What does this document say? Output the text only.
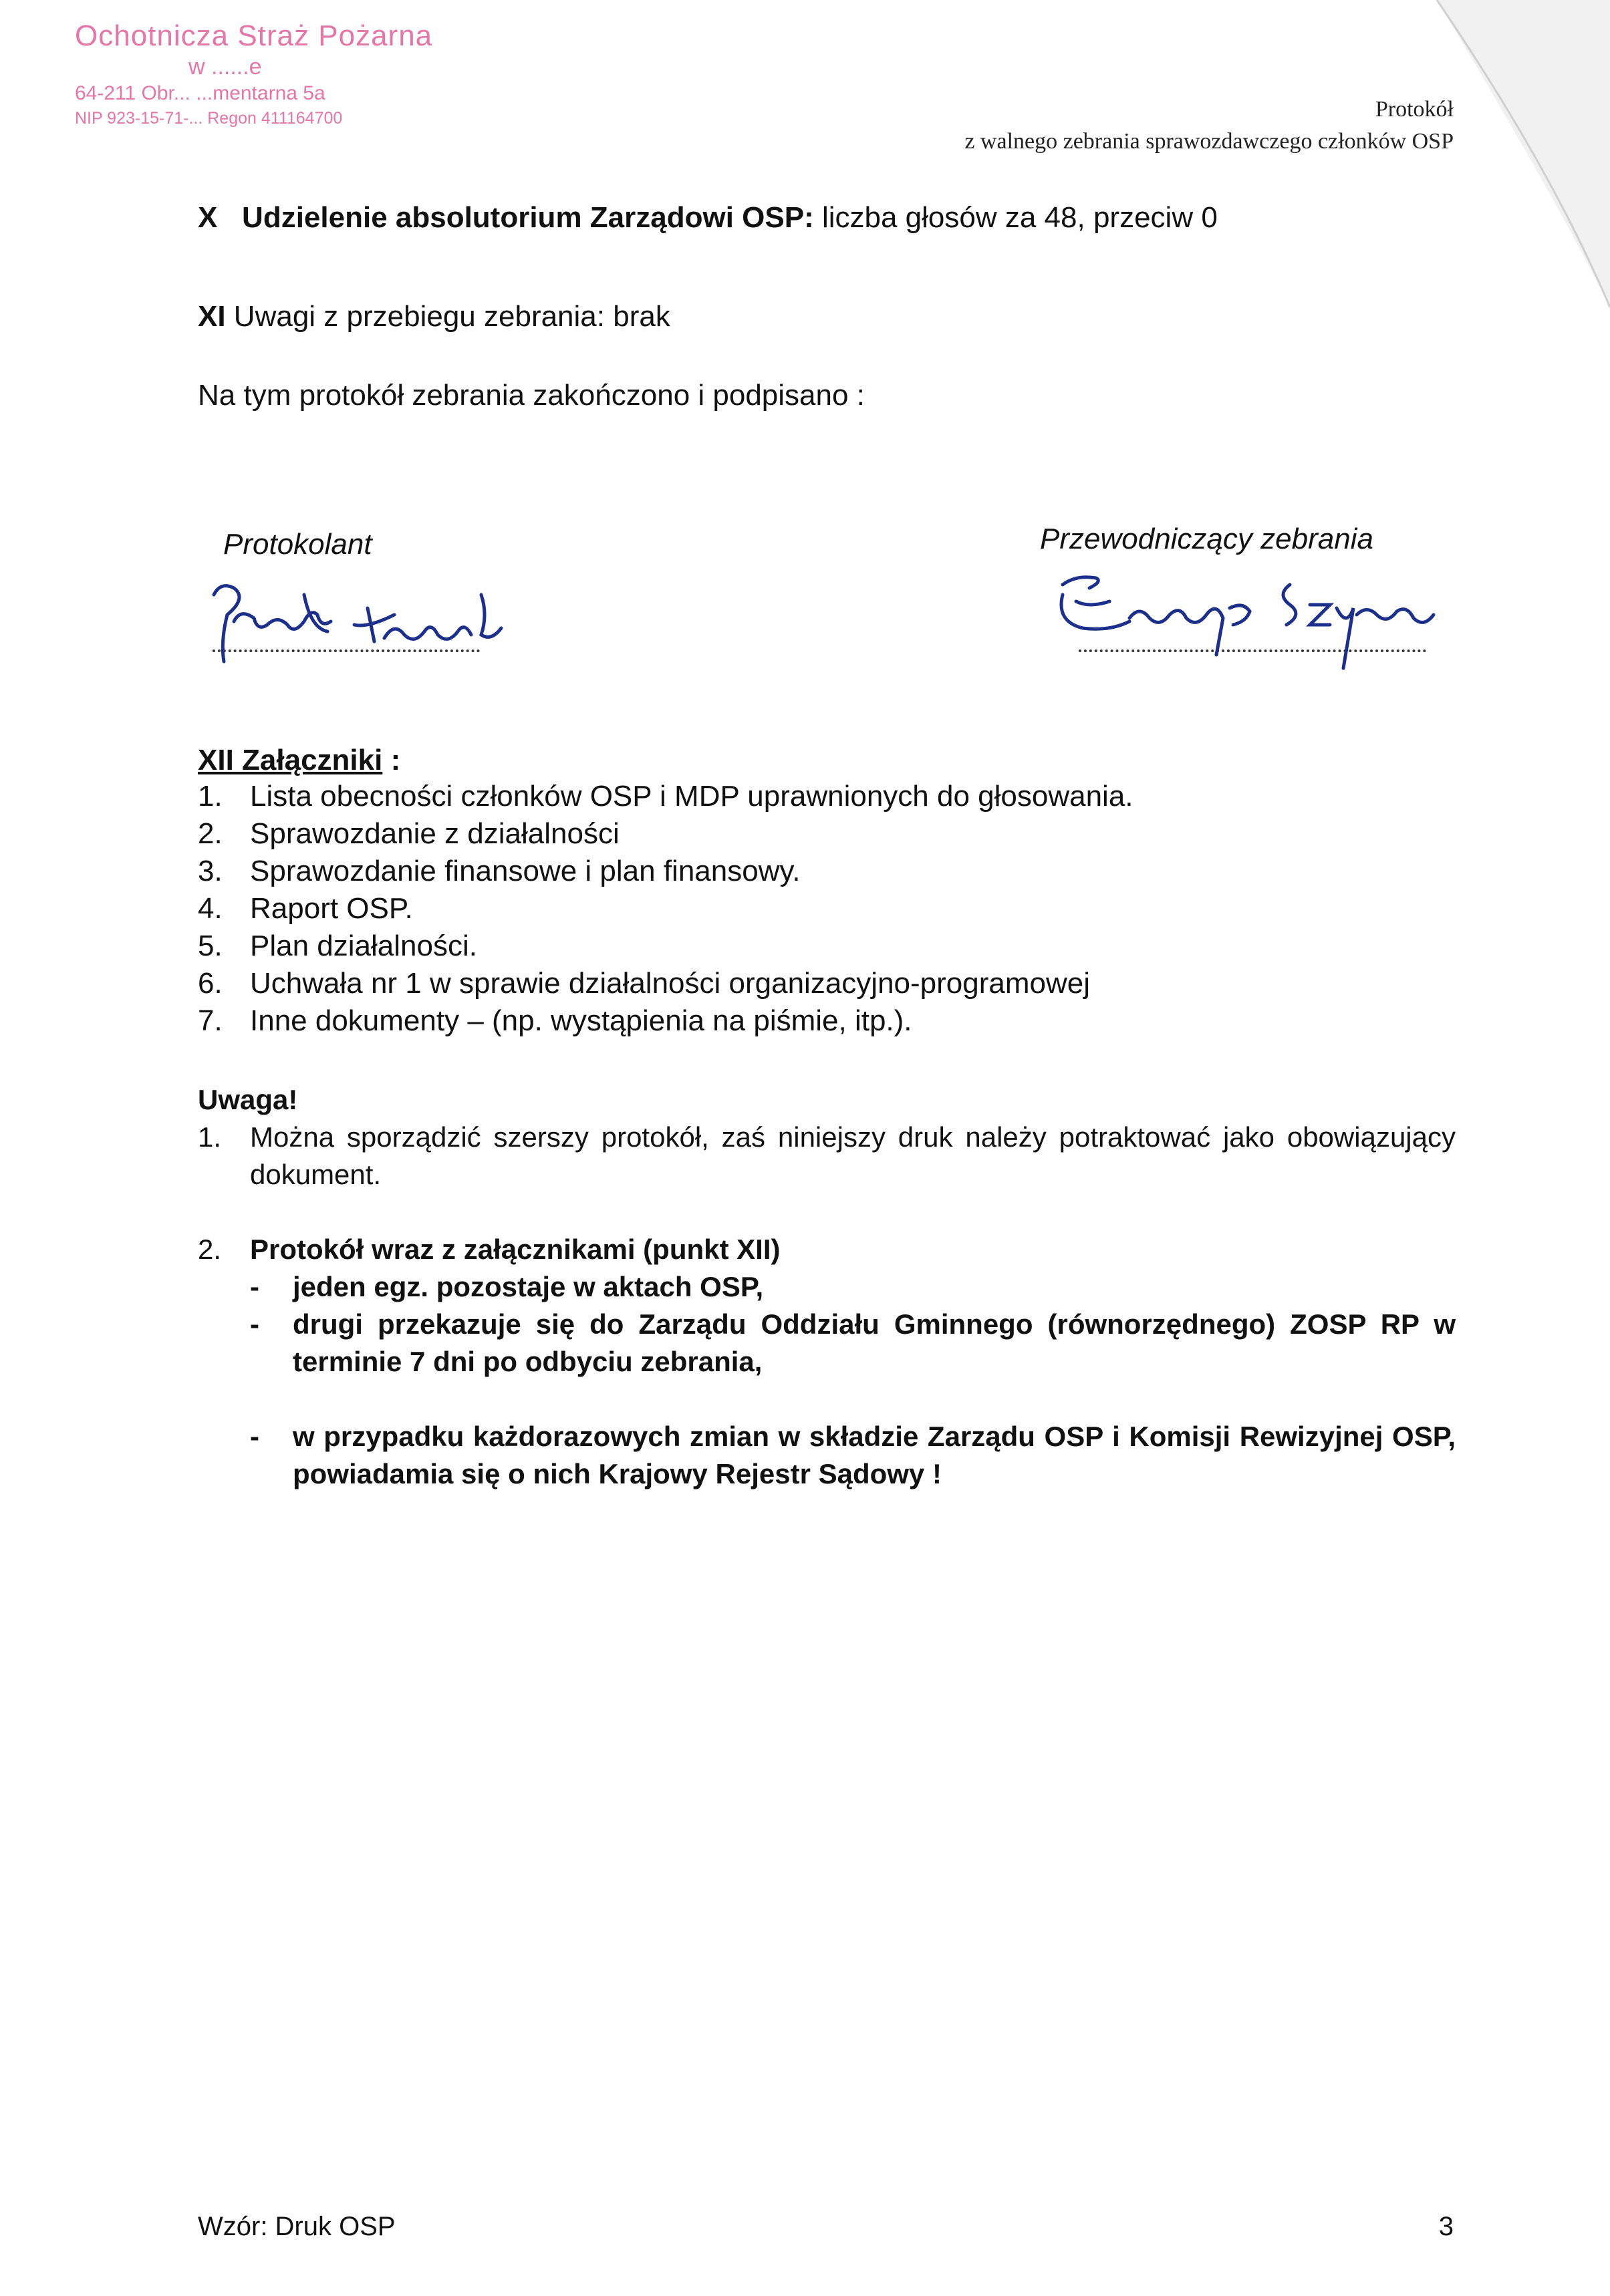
Ochotnicza Straż Pożarna
w ......e
64-211 Obr... ...mentarna 5a
NIP 923-15-71-... Regon 411164700	Protokół
z walnego zebrania sprawozdawczego członków OSP
X Udzielenie absolutorium Zarządowi OSP: liczba głosów za 48, przeciw 0
XI Uwagi z przebiegu zebrania: brak
Na tym protokół zebrania zakończono i podpisano :
Protokolant	Przewodniczący zebrania
XII Załączniki :
1. Lista obecności członków OSP i MDP uprawnionych do głosowania.
2. Sprawozdanie z działalności
3. Sprawozdanie finansowe i plan finansowy.
4. Raport OSP.
5. Plan działalności.
6. Uchwała nr 1 w sprawie działalności organizacyjno-programowej
7. Inne dokumenty – (np. wystąpienia na piśmie, itp.).
Uwaga!
1. Można sporządzić szerszy protokół, zaś niniejszy druk należy potraktować jako obowiązujący dokument.
2. Protokół wraz z załącznikami (punkt XII)
- jeden egz. pozostaje w aktach OSP,
- drugi przekazuje się do Zarządu Oddziału Gminnego (równorzędnego) ZOSP RP w terminie 7 dni po odbyciu zebrania,
- w przypadku każdorazowych zmian w składzie Zarządu OSP i Komisji Rewizyjnej OSP, powiadamia się o nich Krajowy Rejestr Sądowy !
Wzór: Druk OSP	3
